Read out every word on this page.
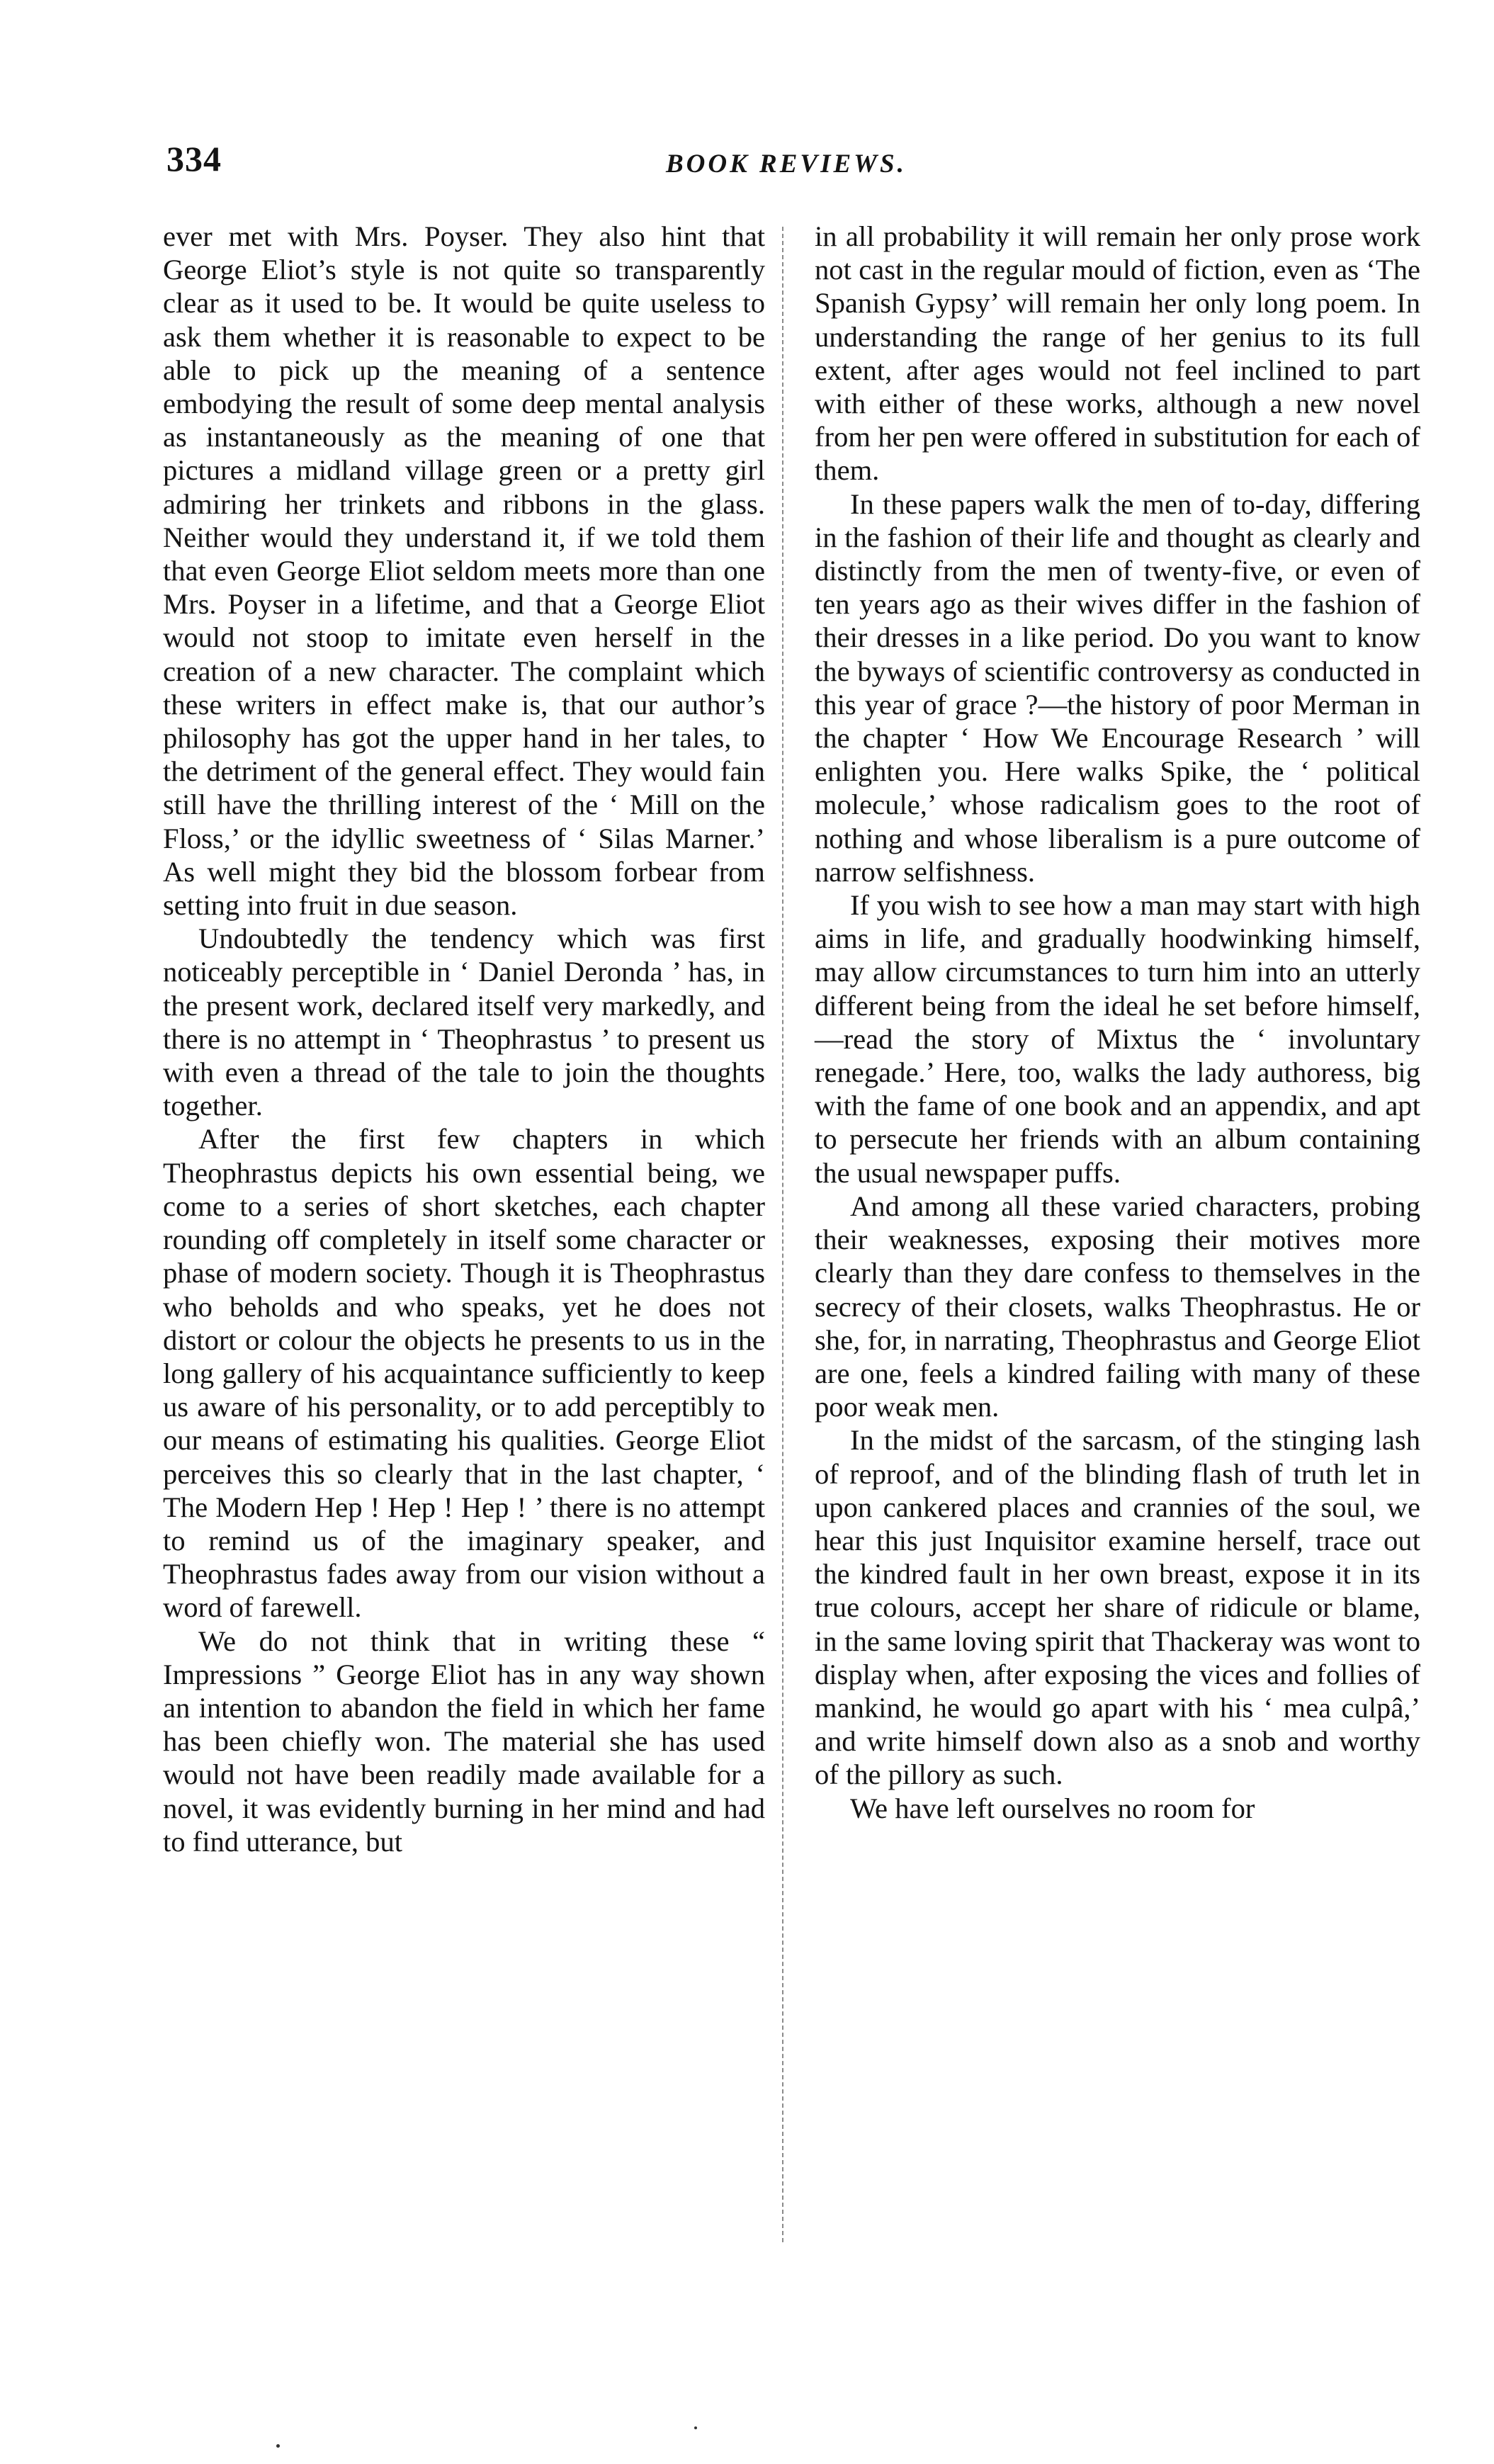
334	BOOK REVIEWS.

ever met with Mrs. Poyser. They also hint that George Eliot’s style is not quite so transparently clear as it used to be. It would be quite useless to ask them whether it is reasonable to expect to be able to pick up the meaning of a sentence embodying the result of some deep mental analysis as instantaneously as the meaning of one that pictures a midland village green or a pretty girl admiring her trinkets and ribbons in the glass. Neither would they understand it, if we told them that even George Eliot seldom meets more than one Mrs. Poyser in a lifetime, and that a George Eliot would not stoop to imitate even herself in the creation of a new character. The complaint which these writers in effect make is, that our author’s philosophy has got the upper hand in her tales, to the detriment of the general effect. They would fain still have the thrilling interest of the ‘ Mill on the Floss,’ or the idyllic sweetness of ‘ Silas Marner.’ As well might they bid the blossom forbear from setting into fruit in due season.

Undoubtedly the tendency which was first noticeably perceptible in ‘ Daniel Deronda ’ has, in the present work, declared itself very markedly, and there is no attempt in ‘ Theophrastus ’ to present us with even a thread of the tale to join the thoughts together.

After the first few chapters in which Theophrastus depicts his own essential being, we come to a series of short sketches, each chapter rounding off completely in itself some character or phase of modern society. Though it is Theophrastus who beholds and who speaks, yet he does not distort or colour the objects he presents to us in the long gallery of his acquaintance sufficiently to keep us aware of his personality, or to add perceptibly to our means of estimating his qualities. George Eliot perceives this so clearly that in the last chapter, ‘ The Modern Hep ! Hep ! Hep ! ’ there is no attempt to remind us of the imaginary speaker, and Theophrastus fades away from our vision without a word of farewell.

We do not think that in writing these “ Impressions ” George Eliot has in any way shown an intention to abandon the field in which her fame has been chiefly won. The material she has used would not have been readily made available for a novel, it was evidently burning in her mind and had to find utterance, but

in all probability it will remain her only prose work not cast in the regular mould of fiction, even as ‘The Spanish Gypsy’ will remain her only long poem. In understanding the range of her genius to its full extent, after ages would not feel inclined to part with either of these works, although a new novel from her pen were offered in substitution for each of them.

In these papers walk the men of to-day, differing in the fashion of their life and thought as clearly and distinctly from the men of twenty-five, or even of ten years ago as their wives differ in the fashion of their dresses in a like period. Do you want to know the byways of scientific controversy as conducted in this year of grace ?—the history of poor Merman in the chapter ‘ How We Encourage Research ’ will enlighten you. Here walks Spike, the ‘ political molecule,’ whose radicalism goes to the root of nothing and whose liberalism is a pure outcome of narrow selfishness.

If you wish to see how a man may start with high aims in life, and gradually hoodwinking himself, may allow circumstances to turn him into an utterly different being from the ideal he set before himself,—read the story of Mixtus the ‘ involuntary renegade.’ Here, too, walks the lady authoress, big with the fame of one book and an appendix, and apt to persecute her friends with an album containing the usual newspaper puffs.

And among all these varied characters, probing their weaknesses, exposing their motives more clearly than they dare confess to themselves in the secrecy of their closets, walks Theophrastus. He or she, for, in narrating, Theophrastus and George Eliot are one, feels a kindred failing with many of these poor weak men.

In the midst of the sarcasm, of the stinging lash of reproof, and of the blinding flash of truth let in upon cankered places and crannies of the soul, we hear this just Inquisitor examine herself, trace out the kindred fault in her own breast, expose it in its true colours, accept her share of ridicule or blame, in the same loving spirit that Thackeray was wont to display when, after exposing the vices and follies of mankind, he would go apart with his ‘ mea culpâ,’ and write himself down also as a snob and worthy of the pillory as such.

We have left ourselves no room for
